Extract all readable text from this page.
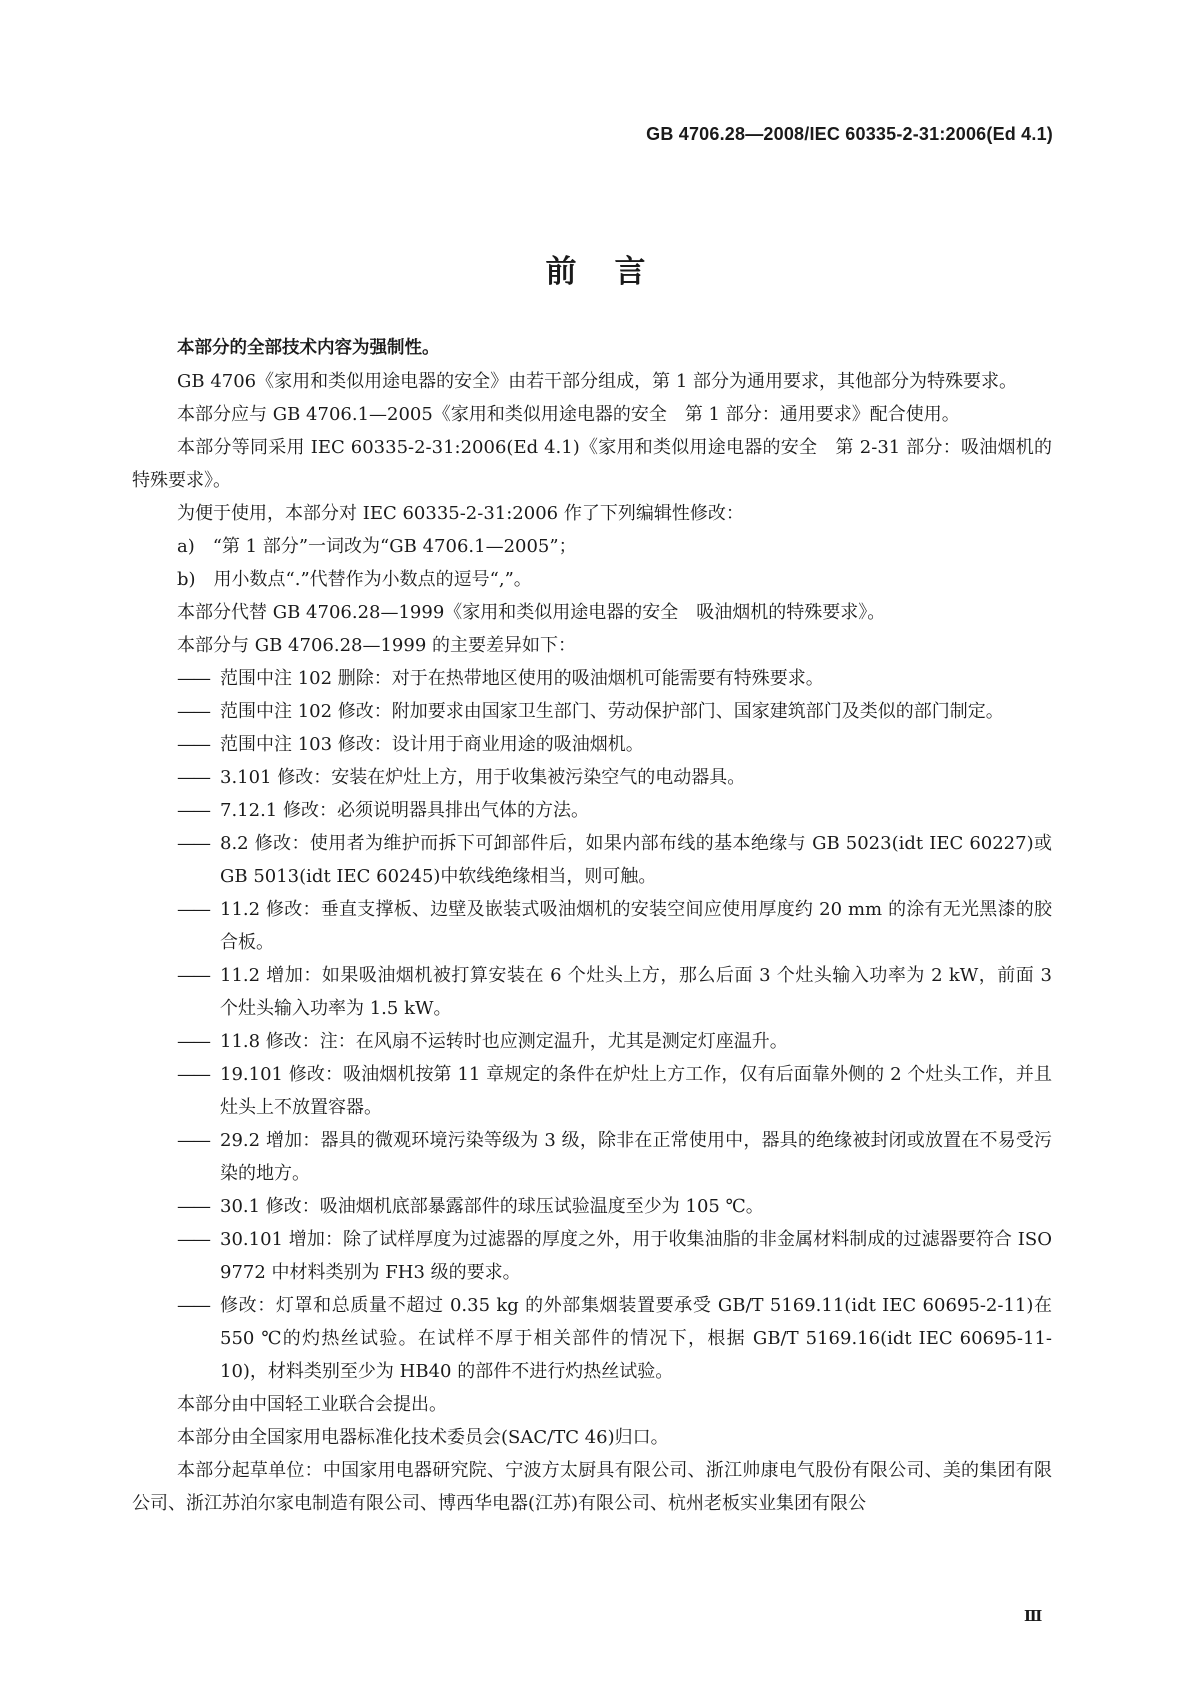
GB 4706.28—2008/IEC 60335-2-31:2006(Ed 4.1)
前言

本部分的全部技术内容为强制性。

GB 4706《家用和类似用途电器的安全》由若干部分组成，第 1 部分为通用要求，其他部分为特殊要求。

本部分应与 GB 4706.1—2005《家用和类似用途电器的安全　第 1 部分：通用要求》配合使用。

本部分等同采用 IEC 60335-2-31:2006(Ed 4.1)《家用和类似用途电器的安全　第 2-31 部分：吸油烟机的特殊要求》。

为便于使用，本部分对 IEC 60335-2-31:2006 作了下列编辑性修改：

a)　“第 1 部分”一词改为“GB 4706.1—2005”；

b)　用小数点“.”代替作为小数点的逗号“,”。

本部分代替 GB 4706.28—1999《家用和类似用途电器的安全　吸油烟机的特殊要求》。

本部分与 GB 4706.28—1999 的主要差异如下：

—— 范围中注 102 删除：对于在热带地区使用的吸油烟机可能需要有特殊要求。

—— 范围中注 102 修改：附加要求由国家卫生部门、劳动保护部门、国家建筑部门及类似的部门制定。

—— 范围中注 103 修改：设计用于商业用途的吸油烟机。

—— 3.101 修改：安装在炉灶上方，用于收集被污染空气的电动器具。

—— 7.12.1 修改：必须说明器具排出气体的方法。

—— 8.2 修改：使用者为维护而拆下可卸部件后，如果内部布线的基本绝缘与 GB 5023(idt IEC 60227)或 GB 5013(idt IEC 60245)中软线绝缘相当，则可触。

—— 11.2 修改：垂直支撑板、边壁及嵌装式吸油烟机的安装空间应使用厚度约 20 mm 的涂有无光黑漆的胶合板。

—— 11.2 增加：如果吸油烟机被打算安装在 6 个灶头上方，那么后面 3 个灶头输入功率为 2 kW，前面 3 个灶头输入功率为 1.5 kW。

—— 11.8 修改：注：在风扇不运转时也应测定温升，尤其是测定灯座温升。

—— 19.101 修改：吸油烟机按第 11 章规定的条件在炉灶上方工作，仅有后面靠外侧的 2 个灶头工作，并且灶头上不放置容器。

—— 29.2 增加：器具的微观环境污染等级为 3 级，除非在正常使用中，器具的绝缘被封闭或放置在不易受污染的地方。

—— 30.1 修改：吸油烟机底部暴露部件的球压试验温度至少为 105 ℃。

—— 30.101 增加：除了试样厚度为过滤器的厚度之外，用于收集油脂的非金属材料制成的过滤器要符合 ISO 9772 中材料类别为 FH3 级的要求。

—— 修改：灯罩和总质量不超过 0.35 kg 的外部集烟装置要承受 GB/T 5169.11(idt IEC 60695-2-11)在 550 ℃的灼热丝试验。在试样不厚于相关部件的情况下，根据 GB/T 5169.16(idt IEC 60695-11-10)，材料类别至少为 HB40 的部件不进行灼热丝试验。

本部分由中国轻工业联合会提出。

本部分由全国家用电器标准化技术委员会(SAC/TC 46)归口。

本部分起草单位：中国家用电器研究院、宁波方太厨具有限公司、浙江帅康电气股份有限公司、美的集团有限公司、浙江苏泊尔家电制造有限公司、博西华电器(江苏)有限公司、杭州老板实业集团有限公

Ⅲ
